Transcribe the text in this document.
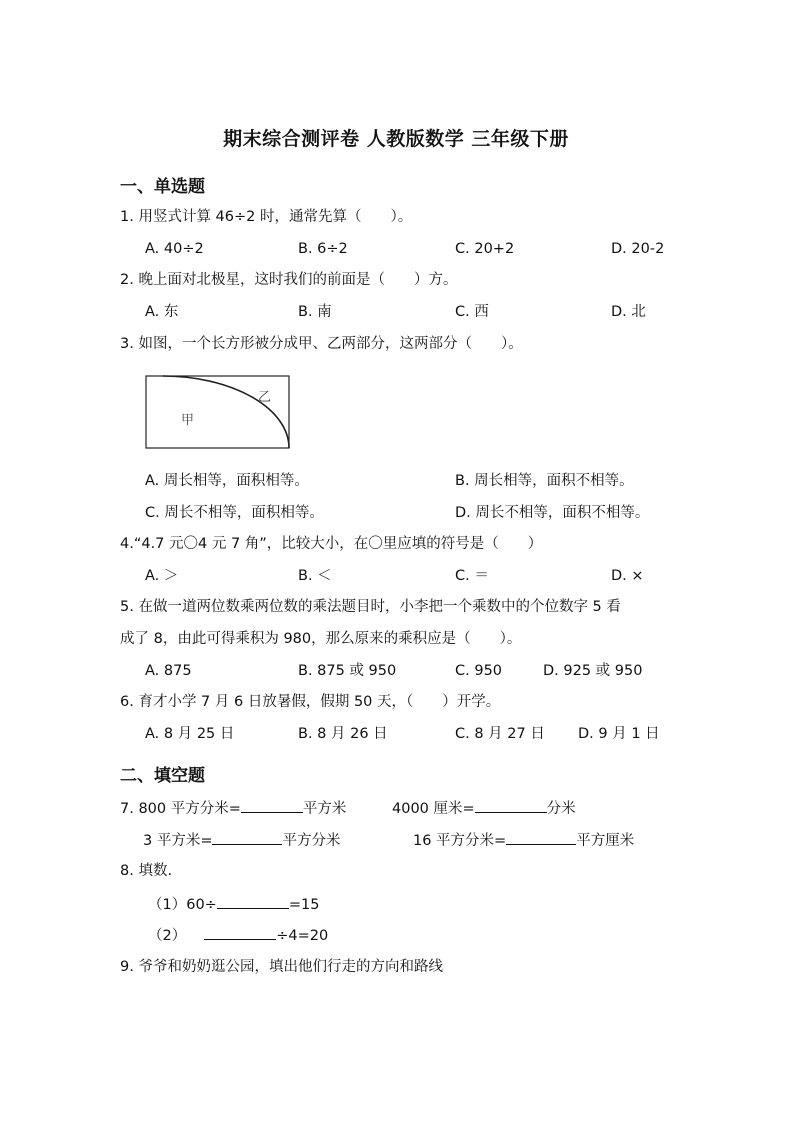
期末综合测评卷 人教版数学 三年级下册
一、单选题
1. 用竖式计算 46÷2 时，通常先算（　　）。
A. 40÷2	B. 6÷2	C. 20+2	D. 20-2
2. 晚上面对北极星，这时我们的前面是（　　）方。
A. 东	B. 南	C. 西	D. 北
3. 如图，一个长方形被分成甲、乙两部分，这两部分（　　）。
甲
乙
A. 周长相等，面积相等。	B. 周长相等，面积不相等。
C. 周长不相等，面积相等。	D. 周长不相等，面积不相等。
4.“4.7 元〇4 元 7 角”，比较大小，在〇里应填的符号是（　　）
A. ＞	B. ＜	C. ＝	D. ×
5. 在做一道两位数乘两位数的乘法题目时，小李把一个乘数中的个位数字 5 看
成了 8，由此可得乘积为 980，那么原来的乘积应是（　　）。
A. 875	B. 875 或 950	C. 950	D. 925 或 950
6. 育才小学 7 月 6 日放暑假，假期 50 天，（　　）开学。
A. 8 月 25 日	B. 8 月 26 日	C. 8 月 27 日 D. 9 月 1 日
二、填空题
7. 800 平方分米=	平方米	4000 厘米=	分米
3 平方米=	平方分米	16 平方分米=	平方厘米
8. 填数.
（1）60÷	=15
（2）	÷4=20
9. 爷爷和奶奶逛公园，填出他们行走的方向和路线
